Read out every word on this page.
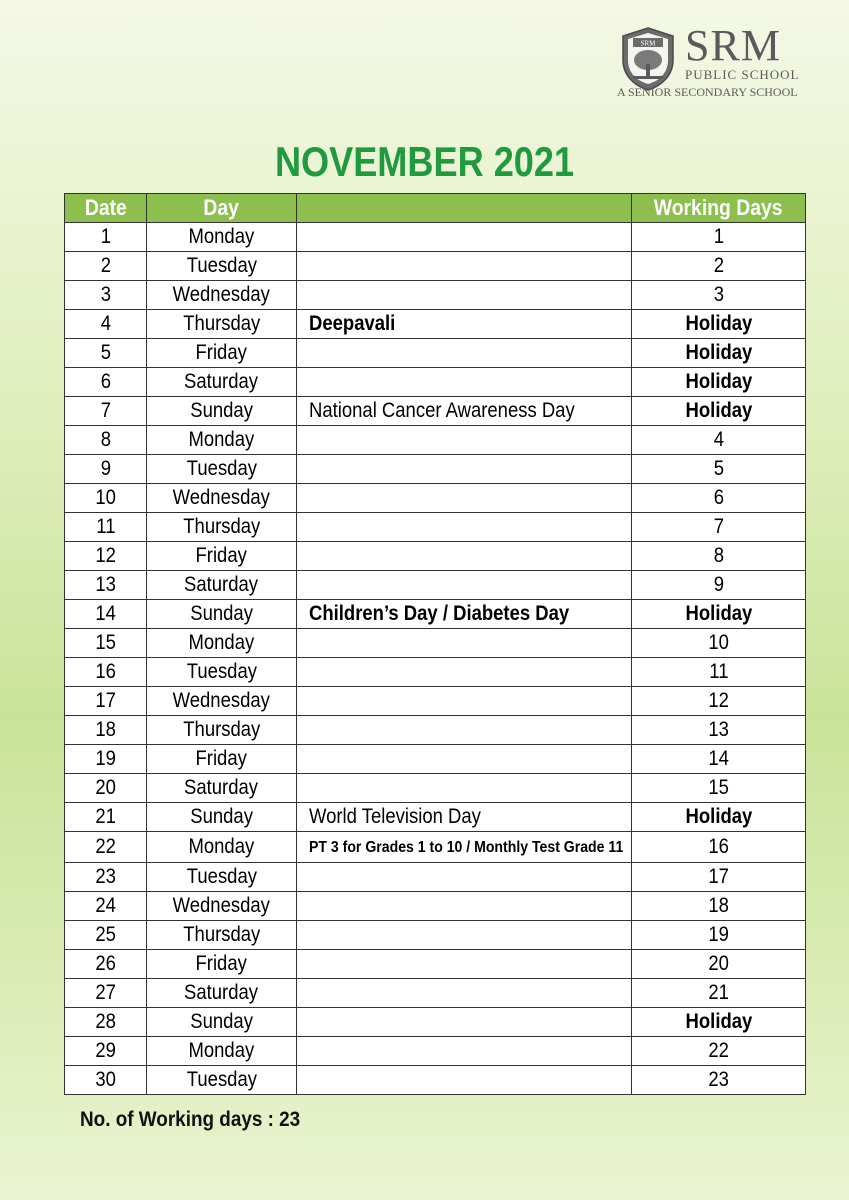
SRM SRM
PUBLIC SCHOOL
A SENIOR SECONDARY SCHOOL
NOVEMBER 2021
Date	Day		Working Days
1	Monday		1
2	Tuesday		2
3	Wednesday		3
4	Thursday	Deepavali	Holiday
5	Friday		Holiday
6	Saturday		Holiday
7	Sunday	National Cancer Awareness Day	Holiday
8	Monday		4
9	Tuesday		5
10	Wednesday		6
11	Thursday		7
12	Friday		8
13	Saturday		9
14	Sunday	Children’s Day / Diabetes Day	Holiday
15	Monday		10
16	Tuesday		11
17	Wednesday		12
18	Thursday		13
19	Friday		14
20	Saturday		15
21	Sunday	World Television Day	Holiday
22	Monday	PT 3 for Grades 1 to 10 / Monthly Test Grade 11	16
23	Tuesday		17
24	Wednesday		18
25	Thursday		19
26	Friday		20
27	Saturday		21
28	Sunday		Holiday
29	Monday		22
30	Tuesday		23
No. of Working days : 23
